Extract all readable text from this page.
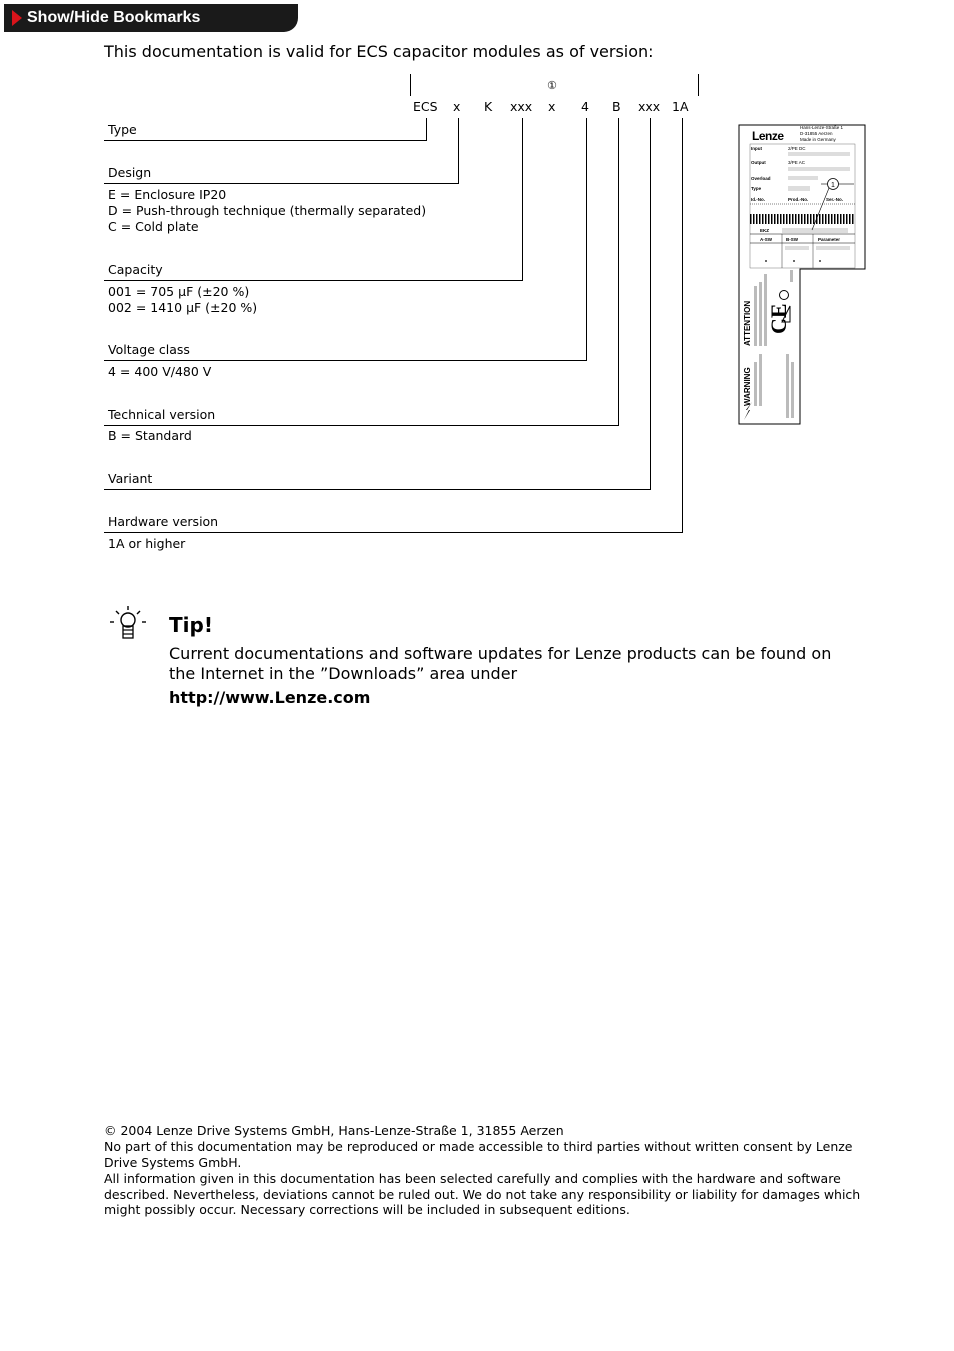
Show/Hide Bookmarks
This documentation is valid for ECS capacitor modules as of version:
①
ECS x K xxx x 4 B xxx 1A
Type
Design
E = Enclosure IP20
D = Push-through technique (thermally separated)
C = Cold plate
Capacity
001 = 705 µF (±20 %)
002 = 1410 µF (±20 %)
Voltage class
4 = 400 V/480 V
Technical version
B = Standard
Variant
Hardware version
1A or higher
Lenze
Hans-Lenze-Straße 1
D-31855 Aerzen
Made in Germany
Input	2/PE DC
Output	3/PE AC
Overload
Type
Id.-No.	Prod.-No.	Ser.-No.
EKZ
A-SW	B-SW	Parameter
1
ATTENTION
WARNING
CE
Tip!
Current documentations and software updates for Lenze products can be found on the Internet in the ”Downloads” area under
http://www.Lenze.com
© 2004 Lenze Drive Systems GmbH, Hans-Lenze-Straße 1, 31855 Aerzen
No part of this documentation may be reproduced or made accessible to third parties without written consent by Lenze Drive Systems GmbH.
All information given in this documentation has been selected carefully and complies with the hardware and software described. Nevertheless, deviations cannot be ruled out. We do not take any responsibility or liability for damages which might possibly occur. Necessary corrections will be included in subsequent editions.
